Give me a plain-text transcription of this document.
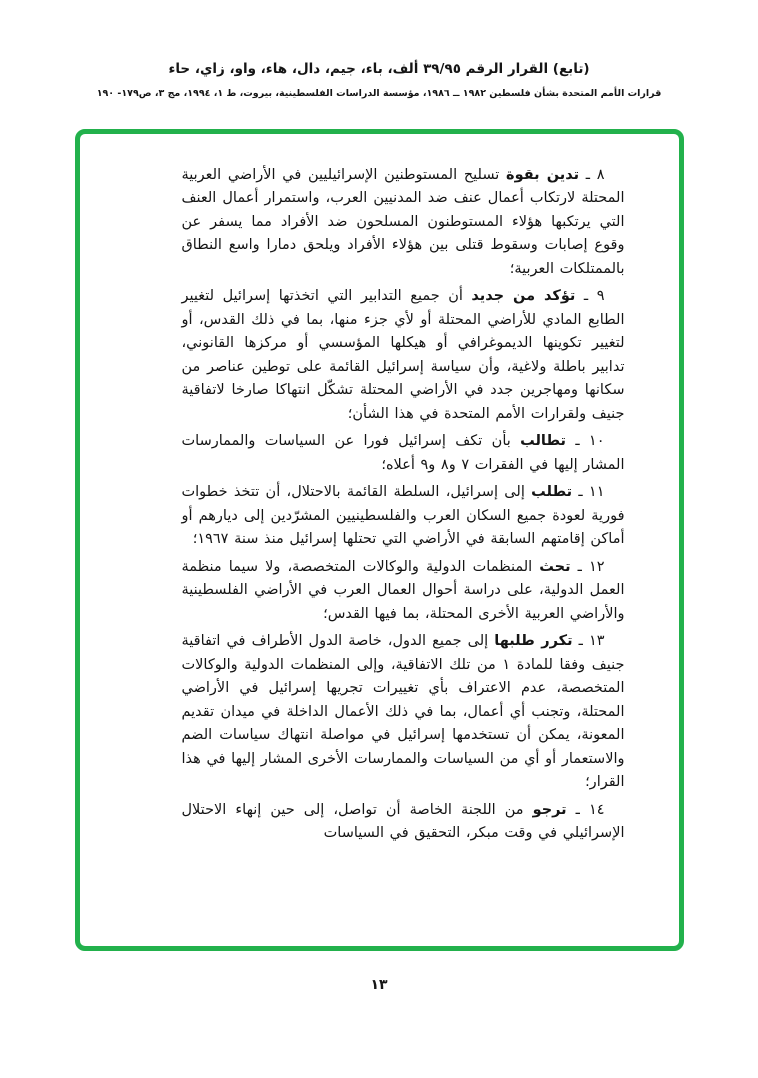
(تابع) القرار الرقم ٣٩/٩٥ ألف، باء، جيم، دال، هاء، واو، زاي، حاء
قرارات الأمم المتحدة بشأن فلسطين ١٩٨٢ ــ ١٩٨٦، مؤسسة الدراسات الفلسطينية، بيروت، ط ١، ١٩٩٤، مج ٣، ص١٧٩- ١٩٠

٨ ـ تدين بقوة تسليح المستوطنين الإسرائيليين في الأراضي العربية المحتلة لارتكاب أعمال عنف ضد المدنيين العرب، واستمرار أعمال العنف التي يرتكبها هؤلاء المستوطنون المسلحون ضد الأفراد مما يسفر عن وقوع إصابات وسقوط قتلى بين هؤلاء الأفراد ويلحق دمارا واسع النطاق بالممتلكات العربية؛

٩ ـ تؤكد من جديد أن جميع التدابير التي اتخذتها إسرائيل لتغيير الطابع المادي للأراضي المحتلة أو لأي جزء منها، بما في ذلك القدس، أو لتغيير تكوينها الديموغرافي أو هيكلها المؤسسي أو مركزها القانوني، تدابير باطلة ولاغية، وأن سياسة إسرائيل القائمة على توطين عناصر من سكانها ومهاجرين جدد في الأراضي المحتلة تشكّل انتهاكا صارخا لاتفاقية جنيف ولقرارات الأمم المتحدة في هذا الشأن؛

١٠ ـ تطالب بأن تكف إسرائيل فورا عن السياسات والممارسات المشار إليها في الفقرات ٧ و٨ و٩ أعلاه؛

١١ ـ تطلب إلى إسرائيل، السلطة القائمة بالاحتلال، أن تتخذ خطوات فورية لعودة جميع السكان العرب والفلسطينيين المشرّدين إلى ديارهم أو أماكن إقامتهم السابقة في الأراضي التي تحتلها إسرائيل منذ سنة ١٩٦٧؛

١٢ ـ تحث المنظمات الدولية والوكالات المتخصصة، ولا سيما منظمة العمل الدولية، على دراسة أحوال العمال العرب في الأراضي الفلسطينية والأراضي العربية الأخرى المحتلة، بما فيها القدس؛

١٣ ـ تكرر طلبها إلى جميع الدول، خاصة الدول الأطراف في اتفاقية جنيف وفقا للمادة ١ من تلك الاتفاقية، وإلى المنظمات الدولية والوكالات المتخصصة، عدم الاعتراف بأي تغييرات تجريها إسرائيل في الأراضي المحتلة، وتجنب أي أعمال، بما في ذلك الأعمال الداخلة في ميدان تقديم المعونة، يمكن أن تستخدمها إسرائيل في مواصلة انتهاك سياسات الضم والاستعمار أو أي من السياسات والممارسات الأخرى المشار إليها في هذا القرار؛

١٤ ـ ترجو من اللجنة الخاصة أن تواصل، إلى حين إنهاء الاحتلال الإسرائيلي في وقت مبكر، التحقيق في السياسات

١٣
